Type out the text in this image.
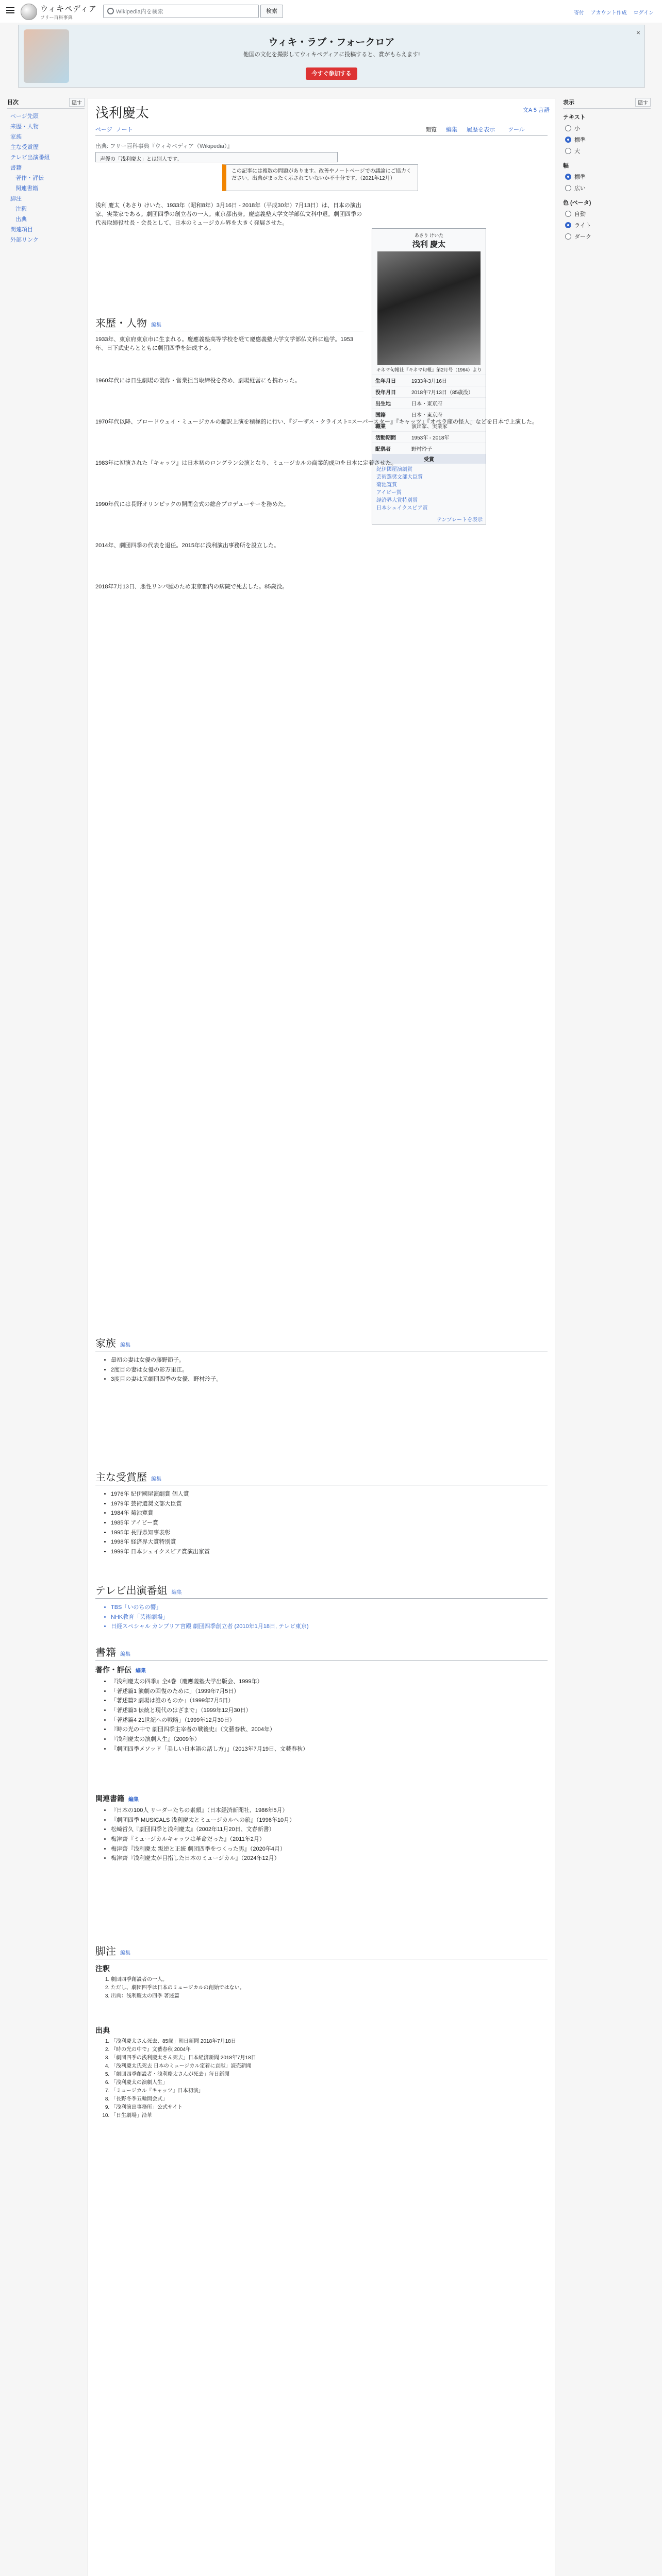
ウィキペディア
フリー百科事典
Wikipedia内を検索	検索	寄付 アカウント作成 ログイン
ウィキ・ラブ・フォークロア
他国の文化を撮影してウィキペディアに投稿すると、賞がもらえます!
今すぐ参加する
×
目次	隠す
ページ先頭
来歴・人物
家族
主な受賞歴
テレビ出演番組
書籍
著作・評伝
関連書籍
脚注
注釈
出典
関連項目
外部リンク
表示	隠す
テキスト
小
標準
大
幅
標準
広い
色 (ベータ)
自動
ライト
ダーク
浅利慶太	文A 5 言語
ページ ノート	閲覧 編集 履歴を表示 ツール
出典: フリー百科事典『ウィキペディア（Wikipedia）』
声優の「浅利慶太」とは別人です。
この記事には複数の問題があります。改善やノートページでの議論にご協力ください。出典がまったく示されていないか不十分です。（2021年12月）
浅利 慶太（あさり けいた、1933年（昭和8年）3月16日 - 2018年（平成30年）7月13日）は、日本の演出家、実業家である。劇団四季の創立者の一人。東京都出身。慶應義塾大学文学部仏文科中退。劇団四季の代表取締役社長・会長として、日本のミュージカル界を大きく発展させた。
あさり けいた
浅利 慶太
キネマ旬報社『キネマ旬報』第2月号（1964）より
生年月日	1933年3月16日
没年月日	2018年7月13日（85歳没）
出生地	日本・東京府
国籍	日本・東京府
職業	演出家、実業家
活動期間	1953年 - 2018年
配偶者	野村玲子
受賞
紀伊國屋演劇賞
芸術選奨文部大臣賞
菊池寛賞
アイビー賞
経済界大賞特別賞
日本シェイクスピア賞
テンプレートを表示
来歴・人物 編集
1933年、東京府東京市に生まれる。慶應義塾高等学校を経て慶應義塾大学文学部仏文科に進学。1953年、日下武史らとともに劇団四季を結成する。
1960年代には日生劇場の製作・営業担当取締役を務め、劇場経営にも携わった。
1970年代以降、ブロードウェイ・ミュージカルの翻訳上演を積極的に行い、『ジーザス・クライスト=スーパースター』『キャッツ』『オペラ座の怪人』などを日本で上演した。
1983年に初演された『キャッツ』は日本初のロングラン公演となり、ミュージカルの商業的成功を日本に定着させた。
1990年代には長野オリンピックの開閉会式の総合プロデューサーを務めた。
2014年、劇団四季の代表を退任。2015年に浅利演出事務所を設立した。
2018年7月13日、悪性リンパ腫のため東京都内の病院で死去した。85歳没。
家族 編集
• 最初の妻は女優の藤野節子。
• 2度目の妻は女優の影万里江。
• 3度目の妻は元劇団四季の女優、野村玲子。
主な受賞歴 編集
• 1976年 紀伊國屋演劇賞 個人賞
• 1979年 芸術選奨文部大臣賞
• 1984年 菊池寛賞
• 1985年 アイビー賞
• 1995年 長野県知事表彰
• 1998年 経済界大賞特別賞
• 1999年 日本シェイクスピア賞演出家賞
テレビ出演番組 編集
• TBS「いのちの響」
• NHK教育「芸術劇場」
• 日経スペシャル カンブリア宮殿 劇団四季創立者 (2010年1月18日, テレビ東京)
書籍 編集
著作・評伝 編集
• 『浅利慶太の四季』全4巻（慶應義塾大学出版会、1999年）
• 「著述篇1 演劇の回復のために」（1999年7月5日）
• 「著述篇2 劇場は誰のものか」（1999年7月5日）
• 「著述篇3 伝統と現代のはざまで」（1999年12月30日）
• 「著述篇4 21世紀への戦略」（1999年12月30日）
• 『時の光の中で 劇団四季主宰者の戦後史』（文藝春秋、2004年）
• 『浅利慶太の演劇人生』（2009年）
• 『劇団四季メソッド「美しい日本語の話し方」』（2013年7月19日、文藝春秋）
関連書籍 編集
• 『日本の100人 リーダーたちの素顔』（日本経済新聞社、1986年5月）
• 『劇団四季 MUSICALS 浅利慶太とミュージカルへの旅』（1996年10月）
• 松崎哲久『劇団四季と浅利慶太』（2002年11月20日、文春新書）
• 梅津齊『ミュージカルキャッツは革命だった』（2011年2月）
• 梅津齊『浅利慶太 叛逆と正統 劇団四季をつくった男』（2020年4月）
• 梅津齊『浅利慶太が目指した日本のミュージカル』（2024年12月）
脚注 編集
注釈
1. 劇団四季創設者の一人。
2. ただし、劇団四季は日本のミュージカルの創始ではない。
3. 出典：浅利慶太の四季 著述篇
出典
1. 「浅利慶太さん死去、85歳」朝日新聞 2018年7月18日
2. 『時の光の中で』文藝春秋 2004年
3. 「劇団四季の浅利慶太さん死去」日本経済新聞 2018年7月18日
4. 「浅利慶太氏死去 日本のミュージカル定着に貢献」読売新聞
5. 「劇団四季創設者・浅利慶太さんが死去」毎日新聞
6. 「浅利慶太の演劇人生」
7. 「ミュージカル『キャッツ』日本初演」
8. 「長野冬季五輪開会式」
9. 「浅利演出事務所」公式サイト
10. 「日生劇場」沿革
